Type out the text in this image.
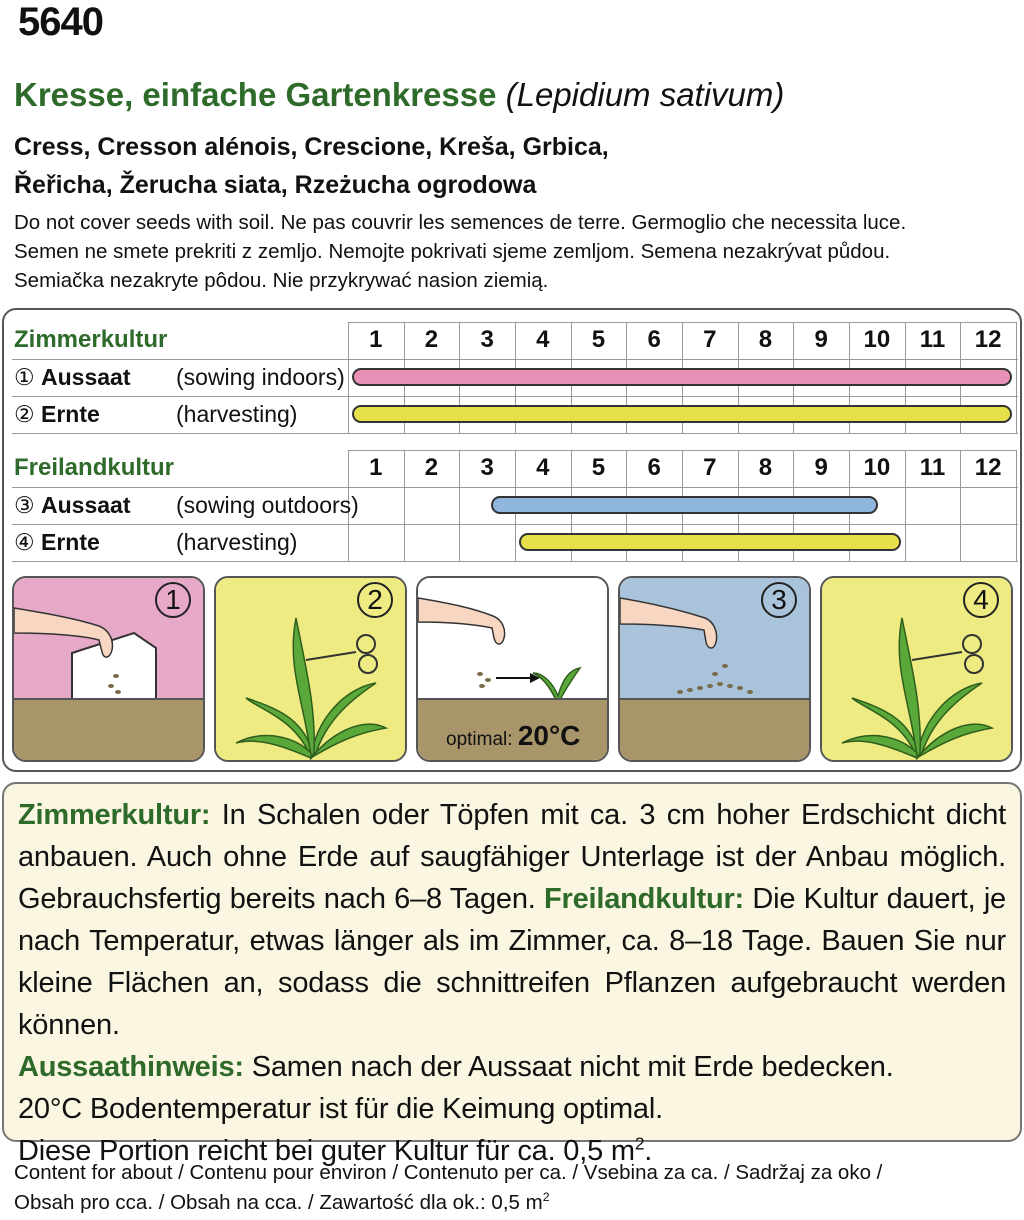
5640
Kresse, einfache Gartenkresse (Lepidium sativum)
Cress, Cresson alénois, Crescione, Kreša, Grbica,
Řeřicha, Žerucha siata, Rzeżucha ogrodowa
Do not cover seeds with soil. Ne pas couvrir les semences de terre. Germoglio che necessita luce.
Semen ne smete prekriti z zemljo. Nemojte pokrivati sjeme zemljom. Semena nezakrývat půdou.
Semiačka nezakryte pôdou. Nie przykrywać nasion ziemią.
Zimmerkultur	1	2	3	4	5	6	7	8	9	10	11	12
① Aussaat (sowing indoors)
② Ernte	(harvesting)
Freilandkultur	1	2	3	4	5	6	7	8	9	10	11	12
③ Aussaat (sowing outdoors)
④ Ernte	(harvesting)
1	2
optimal: 20°C
3	4

Zimmerkultur: In Schalen oder Töpfen mit ca. 3 cm hoher Erdschicht dicht anbauen. Auch ohne Erde auf saugfähiger Unterlage ist der Anbau möglich. Gebrauchsfertig bereits nach 6–8 Tagen. Freilandkultur: Die Kultur dauert, je nach Temperatur, etwas länger als im Zimmer, ca. 8–18 Tage. Bauen Sie nur kleine Flächen an, sodass die schnittreifen Pflanzen aufgebraucht werden können.

Aussaathinweis: Samen nach der Aussaat nicht mit Erde bedecken.

20°C Bodentemperatur ist für die Keimung optimal.

Diese Portion reicht bei guter Kultur für ca. 0,5 $m^2$.

Content for about / Contenu pour environ / Contenuto per ca. / Vsebina za ca. / Sadržaj za oko /
Obsah pro cca. / Obsah na cca. / Zawartość dla ok.: 0,5 $m^2$
